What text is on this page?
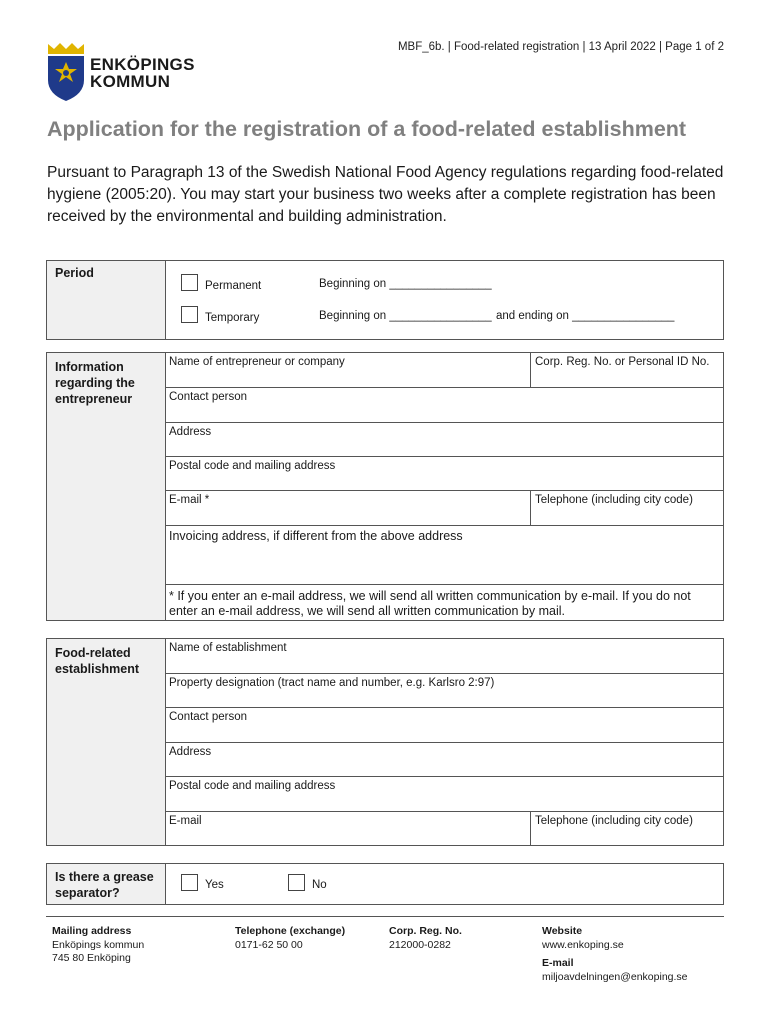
MBF_6b. | Food-related registration | 13 April 2022 | Page 1 of 2
ENKÖPINGS
KOMMUN
Application for the registration of a food-related establishment
Pursuant to Paragraph 13 of the Swedish National Food Agency regulations regarding food-related hygiene (2005:20). You may start your business two weeks after a complete registration has been received by the environmental and building administration.
Period
Permanent	Beginning on ________________
Temporary	Beginning on ________________ and ending on ________________
Information regarding the entrepreneur
Name of entrepreneur or company	Corp. Reg. No. or Personal ID No.
Contact person
Address
Postal code and mailing address
E-mail *	Telephone (including city code)
Invoicing address, if different from the above address
* If you enter an e-mail address, we will send all written communication by e-mail. If you do not enter an e-mail address, we will send all written communication by mail.
Food-related establishment
Name of establishment
Property designation (tract name and number, e.g. Karlsro 2:97)
Contact person
Address
Postal code and mailing address
E-mail	Telephone (including city code)
Is there a grease separator?
Yes	No
Mailing address
Enköpings kommun
745 80 Enköping
Telephone (exchange)
0171-62 50 00
Corp. Reg. No.
212000-0282
Website
www.enkoping.se
E-mail
miljoavdelningen@enkoping.se
